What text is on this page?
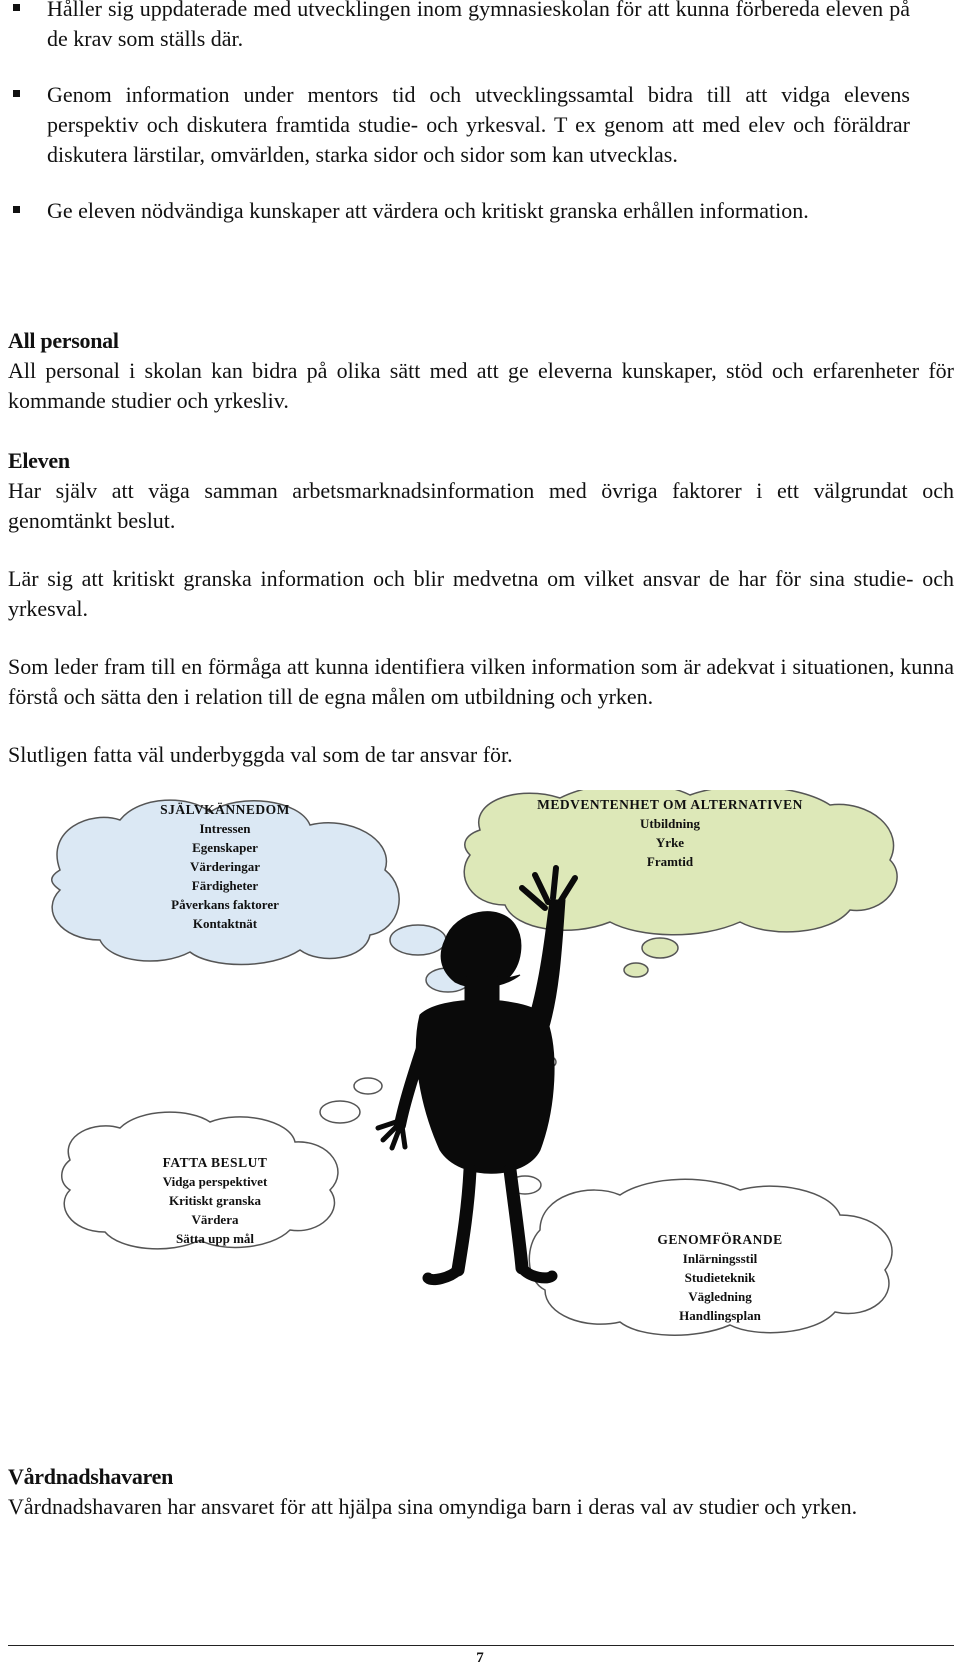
Håller sig uppdaterade med utvecklingen inom gymnasieskolan för att kunna förbereda eleven på de krav som ställs där.
Genom information under mentors tid och utvecklingssamtal bidra till att vidga elevens perspektiv och diskutera framtida studie- och yrkesval. T ex genom att med elev och föräldrar diskutera lärstilar, omvärlden, starka sidor och sidor som kan utvecklas.
Ge eleven nödvändiga kunskaper att värdera och kritiskt granska erhållen information.

All personal

All personal i skolan kan bidra på olika sätt med att ge eleverna kunskaper, stöd och erfarenheter för kommande studier och yrkesliv.

Eleven

Har själv att väga samman arbetsmarknadsinformation med övriga faktorer i ett välgrundat och genomtänkt beslut.

Lär sig att kritiskt granska information och blir medvetna om vilket ansvar de har för sina studie- och yrkesval.

Som leder fram till en förmåga att kunna identifiera vilken information som är adekvat i situationen, kunna förstå och sätta den i relation till de egna målen om utbildning och yrken.

Slutligen fatta väl underbyggda val som de tar ansvar för.

SJÄLVKÄNNEDOM
Intressen
Egenskaper
Värderingar
Färdigheter
Påverkans faktorer
Kontaktnät
MEDVENTENHET OM ALTERNATIVEN
Utbildning
Yrke
Framtid
FATTA BESLUT
Vidga perspektivet
Kritiskt granska
Värdera
Sätta upp mål	GENOMFÖRANDE
Inlärningsstil
Studieteknik
Vägledning
Handlingsplan

Vårdnadshavaren

Vårdnadshavaren har ansvaret för att hjälpa sina omyndiga barn i deras val av studier och yrken.

7
